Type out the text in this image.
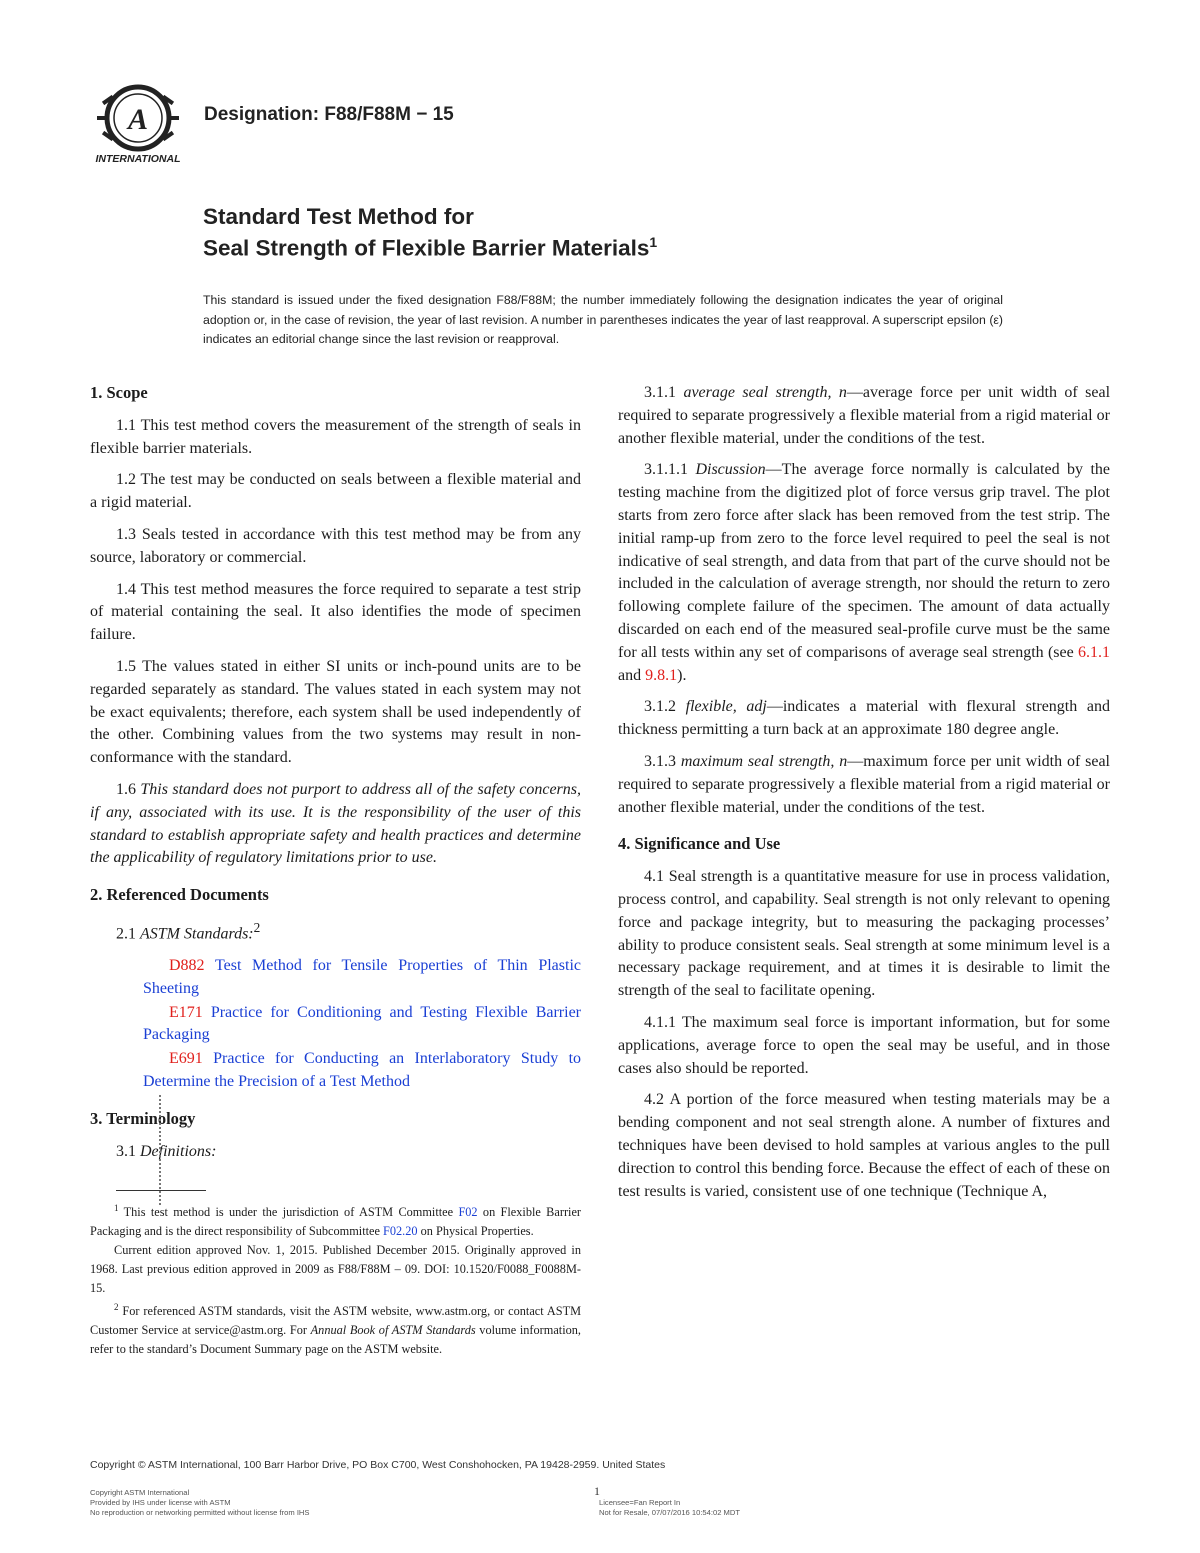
A
INTERNATIONAL
Designation: F88/F88M − 15
Standard Test Method for
Seal Strength of Flexible Barrier Materials$^1$
This standard is issued under the fixed designation F88/F88M; the number immediately following the designation indicates the year of original adoption or, in the case of revision, the year of last revision. A number in parentheses indicates the year of last reapproval. A superscript epsilon (ε) indicates an editorial change since the last revision or reapproval.
1. Scope

1.1 This test method covers the measurement of the strength of seals in flexible barrier materials.

1.2 The test may be conducted on seals between a flexible material and a rigid material.

1.3 Seals tested in accordance with this test method may be from any source, laboratory or commercial.

1.4 This test method measures the force required to separate a test strip of material containing the seal. It also identifies the mode of specimen failure.

1.5 The values stated in either SI units or inch-pound units are to be regarded separately as standard. The values stated in each system may not be exact equivalents; therefore, each system shall be used independently of the other. Combining values from the two systems may result in non-conformance with the standard.

1.6 This standard does not purport to address all of the safety concerns, if any, associated with its use. It is the responsibility of the user of this standard to establish appropriate safety and health practices and determine the applicability of regulatory limitations prior to use.

2. Referenced Documents

2.1 ASTM Standards:$^2$

D882 Test Method for Tensile Properties of Thin Plastic Sheeting

E171 Practice for Conditioning and Testing Flexible Barrier Packaging

E691 Practice for Conducting an Interlaboratory Study to Determine the Precision of a Test Method

3. Terminology

3.1 Definitions:

$^1$ This test method is under the jurisdiction of ASTM Committee F02 on Flexible Barrier Packaging and is the direct responsibility of Subcommittee F02.20 on Physical Properties.

Current edition approved Nov. 1, 2015. Published December 2015. Originally approved in 1968. Last previous edition approved in 2009 as F88/F88M – 09. DOI: 10.1520/F0088_F0088M-15.

$^2$ For referenced ASTM standards, visit the ASTM website, www.astm.org, or contact ASTM Customer Service at service@astm.org. For Annual Book of ASTM Standards volume information, refer to the standard’s Document Summary page on the ASTM website.

3.1.1 average seal strength, n—average force per unit width of seal required to separate progressively a flexible material from a rigid material or another flexible material, under the conditions of the test.

3.1.1.1 Discussion—The average force normally is calculated by the testing machine from the digitized plot of force versus grip travel. The plot starts from zero force after slack has been removed from the test strip. The initial ramp-up from zero to the force level required to peel the seal is not indicative of seal strength, and data from that part of the curve should not be included in the calculation of average strength, nor should the return to zero following complete failure of the specimen. The amount of data actually discarded on each end of the measured seal-profile curve must be the same for all tests within any set of comparisons of average seal strength (see 6.1.1 and 9.8.1).

3.1.2 flexible, adj—indicates a material with flexural strength and thickness permitting a turn back at an approximate 180 degree angle.

3.1.3 maximum seal strength, n—maximum force per unit width of seal required to separate progressively a flexible material from a rigid material or another flexible material, under the conditions of the test.

4. Significance and Use

4.1 Seal strength is a quantitative measure for use in process validation, process control, and capability. Seal strength is not only relevant to opening force and package integrity, but to measuring the packaging processes’ ability to produce consistent seals. Seal strength at some minimum level is a necessary package requirement, and at times it is desirable to limit the strength of the seal to facilitate opening.

4.1.1 The maximum seal force is important information, but for some applications, average force to open the seal may be useful, and in those cases also should be reported.

4.2 A portion of the force measured when testing materials may be a bending component and not seal strength alone. A number of fixtures and techniques have been devised to hold samples at various angles to the pull direction to control this bending force. Because the effect of each of these on test results is varied, consistent use of one technique (Technique A,

Copyright © ASTM International, 100 Barr Harbor Drive, PO Box C700, West Conshohocken, PA 19428-2959. United States
Copyright ASTM International
Provided by IHS under license with ASTM
No reproduction or networking permitted without license from IHS
1
Licensee=Fan Report In
Not for Resale, 07/07/2016 10:54:02 MDT
